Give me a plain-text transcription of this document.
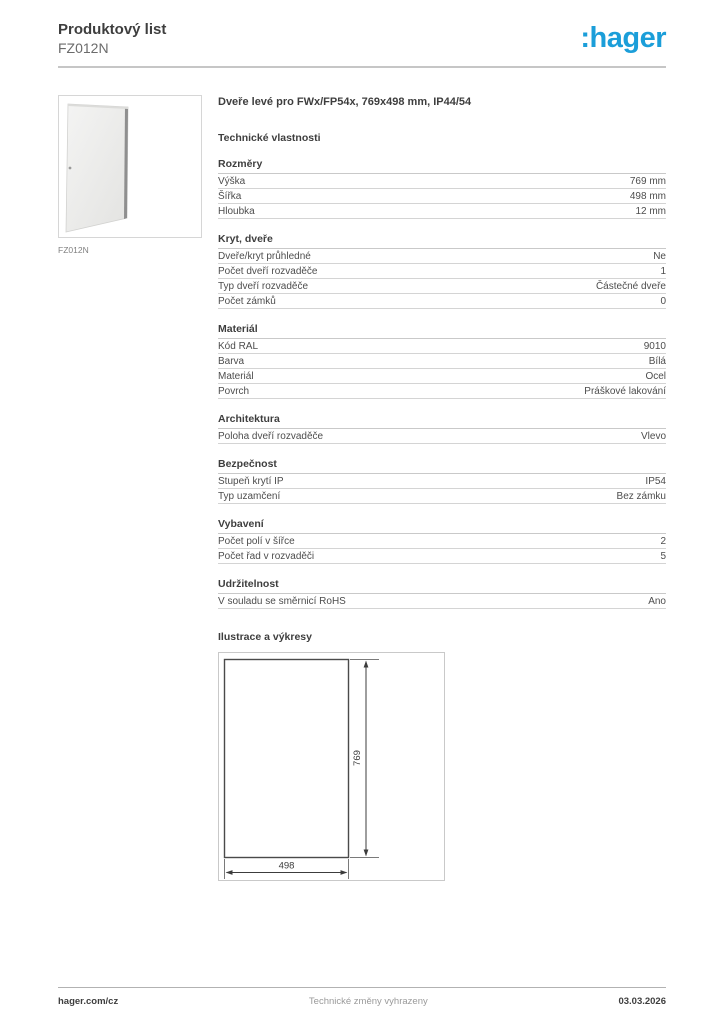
Produktový list
FZ012N	:hager
FZ012N
Dveře levé pro FWx/FP54x, 769x498 mm, IP44/54
Technické vlastnosti
Rozměry
Výška	769 mm
Šířka	498 mm
Hloubka	12 mm
Kryt, dveře
Dveře/kryt průhledné	Ne
Počet dveří rozvaděče	1
Typ dveří rozvaděče	Částečné dveře
Počet zámků	0
Materiál
Kód RAL	9010
Barva	Bílá
Materiál	Ocel
Povrch	Práškové lakování
Architektura
Poloha dveří rozvaděče	Vlevo
Bezpečnost
Stupeň krytí IP	IP54
Typ uzamčení	Bez zámku
Vybavení
Počet polí v šířce	2
Počet řad v rozvaděči	5
Udržitelnost
V souladu se směrnicí RoHS	Ano
Ilustrace a výkresy
769
498
hager.com/cz	Technické změny vyhrazeny	03.03.2026
